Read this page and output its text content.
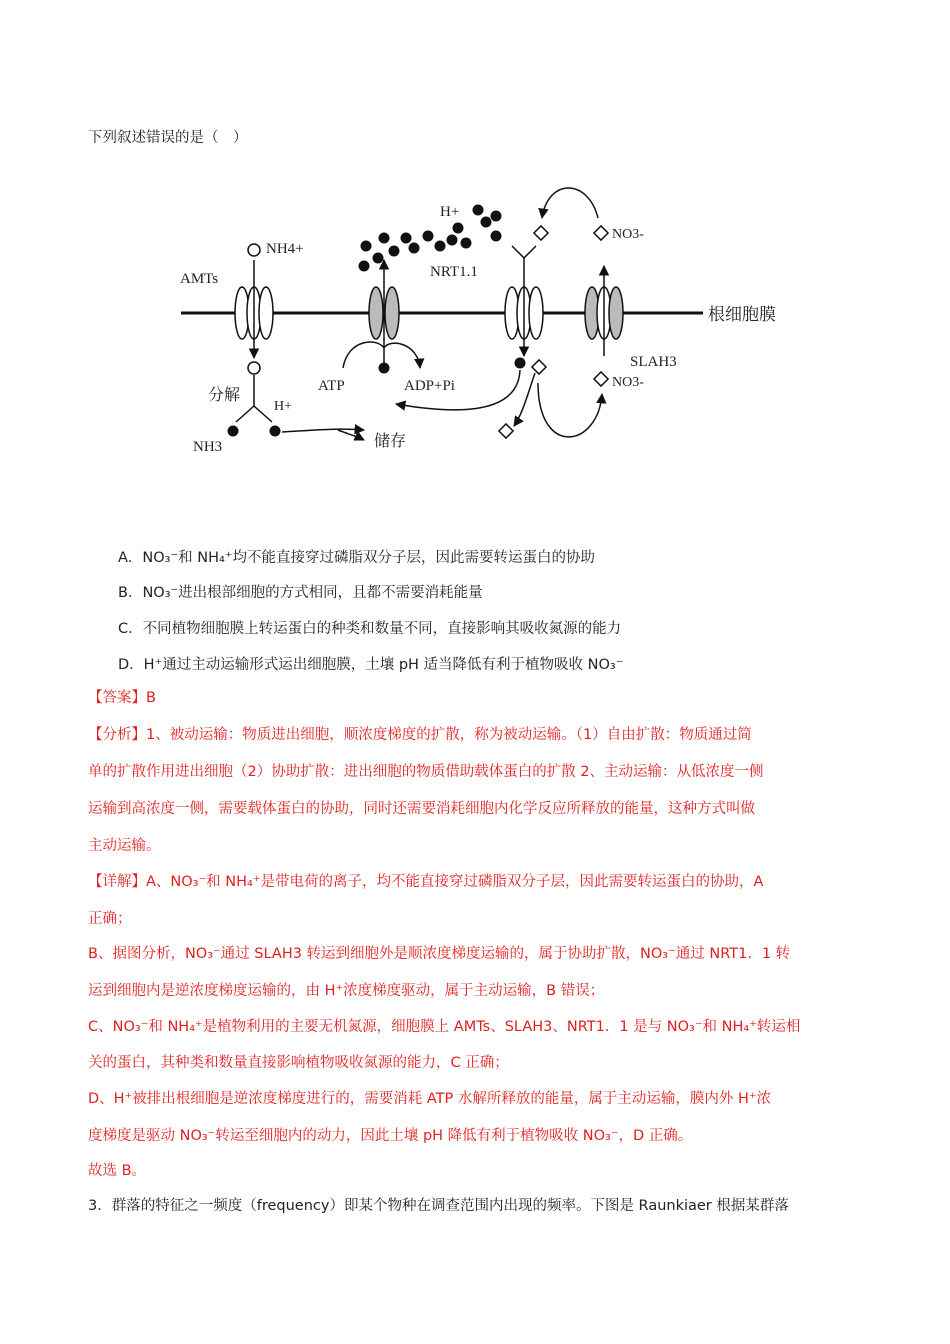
下列叙述错误的是（　）
根细胞膜
NH4+
AMTs
分解
H+
NH3	储存
ATP	ADP+Pi
H+
NRT1.1
SLAH3
NO3-
NO3-
A．NO₃⁻和 NH₄⁺均不能直接穿过磷脂双分子层，因此需要转运蛋白的协助
B．NO₃⁻进出根部细胞的方式相同，且都不需要消耗能量
C．不同植物细胞膜上转运蛋白的种类和数量不同，直接影响其吸收氮源的能力
D．H⁺通过主动运输形式运出细胞膜，土壤 pH 适当降低有利于植物吸收 NO₃⁻
【答案】B
【分析】1、被动运输：物质进出细胞，顺浓度梯度的扩散，称为被动运输。（1）自由扩散：物质通过简
单的扩散作用进出细胞（2）协助扩散：进出细胞的物质借助载体蛋白的扩散 2、主动运输：从低浓度一侧
运输到高浓度一侧，需要载体蛋白的协助，同时还需要消耗细胞内化学反应所释放的能量，这种方式叫做
主动运输。
【详解】A、NO₃⁻和 NH₄⁺是带电荷的离子，均不能直接穿过磷脂双分子层，因此需要转运蛋白的协助，A
正确；
B、据图分析，NO₃⁻通过 SLAH3 转运到细胞外是顺浓度梯度运输的，属于协助扩散，NO₃⁻通过 NRT1．1 转
运到细胞内是逆浓度梯度运输的，由 H⁺浓度梯度驱动，属于主动运输，B 错误；
C、NO₃⁻和 NH₄⁺是植物利用的主要无机氮源，细胞膜上 AMTs、SLAH3、NRT1．1 是与 NO₃⁻和 NH₄⁺转运相
关的蛋白，其种类和数量直接影响植物吸收氮源的能力，C 正确；
D、H⁺被排出根细胞是逆浓度梯度进行的，需要消耗 ATP 水解所释放的能量，属于主动运输，膜内外 H⁺浓
度梯度是驱动 NO₃⁻转运至细胞内的动力，因此土壤 pH 降低有利于植物吸收 NO₃⁻，D 正确。
故选 B。
3．群落的特征之一频度（frequency）即某个物种在调查范围内出现的频率。下图是 Raunkiaer 根据某群落
